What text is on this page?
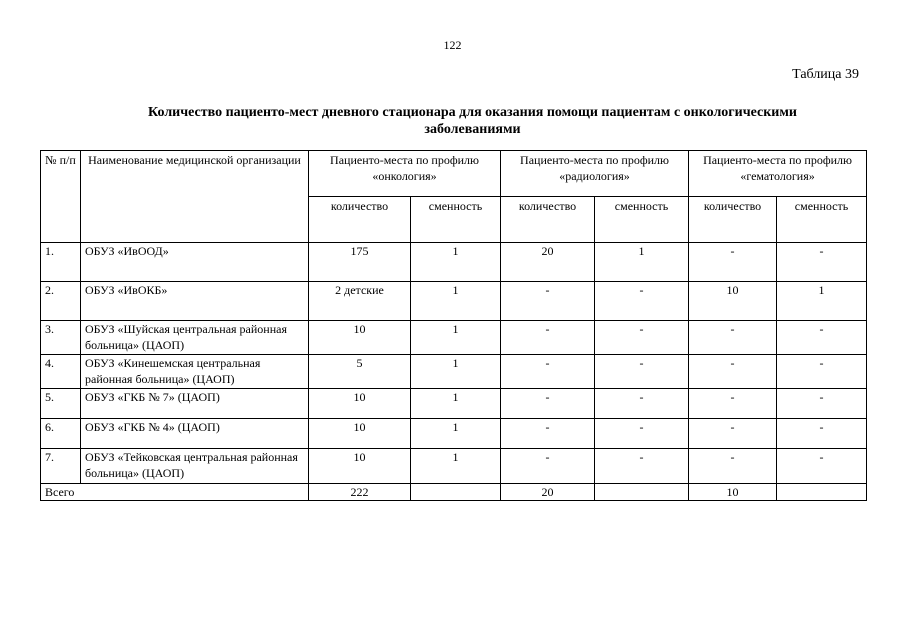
122
Таблица 39
Количество пациенто-мест дневного стационара для оказания помощи пациентам с онкологическими заболеваниями
№ п/п	Наименование медицинской организации	Пациенто-места по профилю «онкология»		Пациенто-места по профилю «радиология»		Пациенто-места по профилю «гематология»	
		количество	сменность	количество	сменность	количество	сменность
1.	ОБУЗ «ИвООД»	175	1	20	1	-	-
2.	ОБУЗ «ИвОКБ»	2 детские	1	-	-	10	1
3.	ОБУЗ «Шуйская центральная районная больница» (ЦАОП)	10	1	-	-	-	-
4.	ОБУЗ «Кинешемская центральная районная больница» (ЦАОП)	5	1	-	-	-	-
5.	ОБУЗ «ГКБ № 7» (ЦАОП)	10	1	-	-	-	-
6.	ОБУЗ «ГКБ № 4» (ЦАОП)	10	1	-	-	-	-
7.	ОБУЗ «Тейковская центральная районная больница» (ЦАОП)	10	1	-	-	-	-
Всего		222		20		10	
